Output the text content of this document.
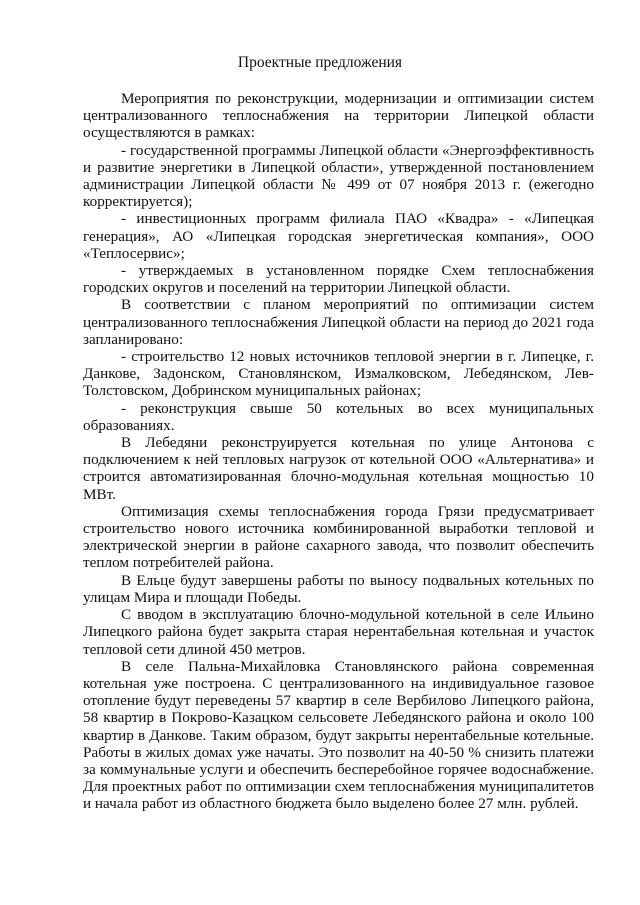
Проектные предложения

Мероприятия по реконструкции, модернизации и оптимизации систем централизованного теплоснабжения на территории Липецкой области осуществляются в рамках:

- государственной программы Липецкой области «Энергоэффективность и развитие энергетики в Липецкой области», утвержденной постановлением администрации Липецкой области № 499 от 07 ноября 2013 г. (ежегодно корректируется);

- инвестиционных программ филиала ПАО «Квадра» - «Липецкая генерация», АО «Липецкая городская энергетическая компания», ООО «Теплосервис»;

- утверждаемых в установленном порядке Схем теплоснабжения городских округов и поселений на территории Липецкой области.

В соответствии с планом мероприятий по оптимизации систем централизованного теплоснабжения Липецкой области на период до 2021 года запланировано:

- строительство 12 новых источников тепловой энергии в г. Липецке, г. Данкове, Задонском, Становлянском, Измалковском, Лебедянском, Лев-Толстовском, Добринском муниципальных районах;

- реконструкция свыше 50 котельных во всех муниципальных образованиях.

В Лебедяни реконструируется котельная по улице Антонова с подключением к ней тепловых нагрузок от котельной ООО «Альтернатива» и строится автоматизированная блочно-модульная котельная мощностью 10 МВт.

Оптимизация схемы теплоснабжения города Грязи предусматривает строительство нового источника комбинированной выработки тепловой и электрической энергии в районе сахарного завода, что позволит обеспечить теплом потребителей района.

В Ельце будут завершены работы по выносу подвальных котельных по улицам Мира и площади Победы.

С вводом в эксплуатацию блочно-модульной котельной в селе Ильино Липецкого района будет закрыта старая нерентабельная котельная и участок тепловой сети длиной 450 метров.

В селе Пальна-Михайловка Становлянского района современная котельная уже построена. С централизованного на индивидуальное газовое отопление будут переведены 57 квартир в селе Вербилово Липецкого района, 58 квартир в Покрово-Казацком сельсовете Лебедянского района и около 100 квартир в Данкове. Таким образом, будут закрыты нерентабельные котельные. Работы в жилых домах уже начаты. Это позволит на 40-50 % снизить платежи за коммунальные услуги и обеспечить бесперебойное горячее водоснабжение. Для проектных работ по оптимизации схем теплоснабжения муниципалитетов и начала работ из областного бюджета было выделено более 27 млн. рублей.
